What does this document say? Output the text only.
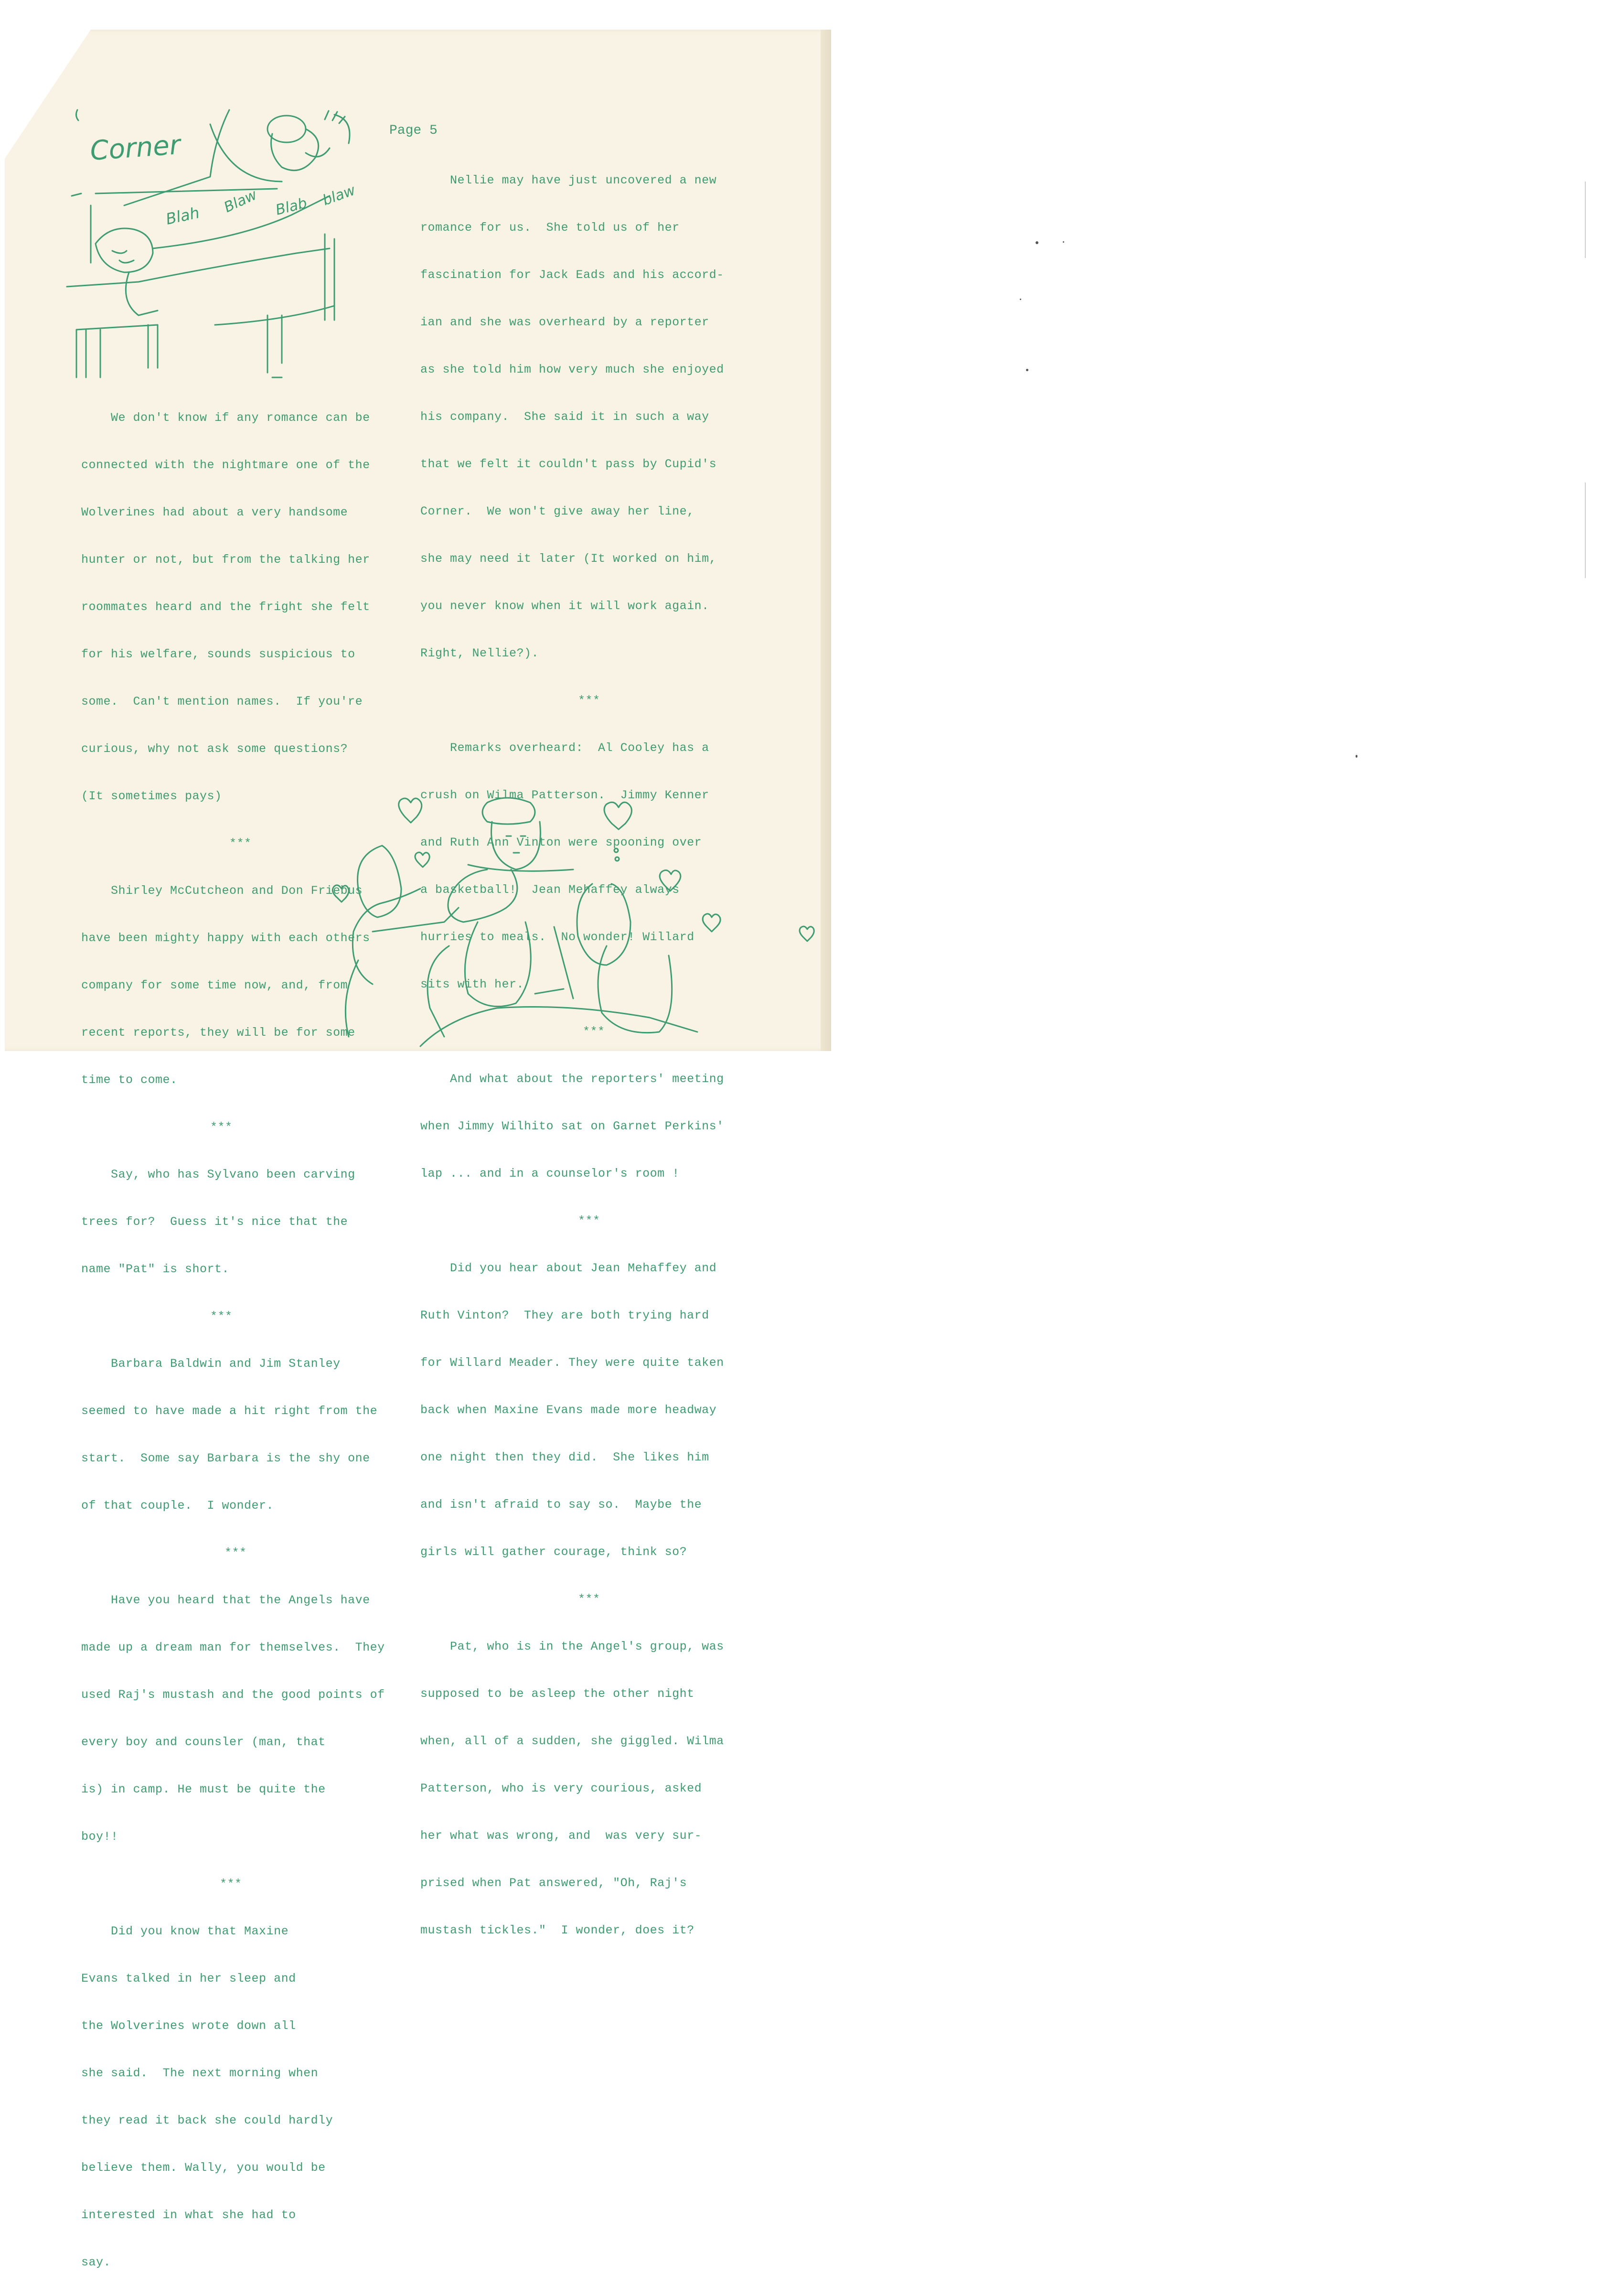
Page 5
Corner
Blah Blaw Blab blaw

We don't know if any romance can be

connected with the nightmare one of the

Wolverines had about a very handsome

hunter or not, but from the talking her

roommates heard and the fright she felt

for his welfare, sounds suspicious to

some.  Can't mention names.  If you're

curious, why not ask some questions?

(It sometimes pays)

***

Shirley McCutcheon and Don Friebus

have been mighty happy with each others

company for some time now, and, from

recent reports, they will be for some

time to come.

***

Say, who has Sylvano been carving

trees for?  Guess it's nice that the

name "Pat" is short.

***

Barbara Baldwin and Jim Stanley

seemed to have made a hit right from the

start.  Some say Barbara is the shy one

of that couple.  I wonder.

***

Have you heard that the Angels have

made up a dream man for themselves.  They

used Raj's mustash and the good points of

every boy and counsler (man, that

is) in camp. He must be quite the

boy!!

***

Did you know that Maxine

Evans talked in her sleep and

the Wolverines wrote down all

she said.  The next morning when

they read it back she could hardly

believe them. Wally, you would be

interested in what she had to

say.

Nellie may have just uncovered a new

romance for us.  She told us of her

fascination for Jack Eads and his accord-

ian and she was overheard by a reporter

as she told him how very much she enjoyed

his company.  She said it in such a way

that we felt it couldn't pass by Cupid's

Corner.  We won't give away her line,

she may need it later (It worked on him,

you never know when it will work again.

Right, Nellie?).

***

Remarks overheard:  Al Cooley has a

crush on Wilma Patterson.  Jimmy Kenner

and Ruth Ann Vinton were spooning over

a basketball!  Jean Mehaffey always

hurries to meals.  No wonder! Willard

sits with her.

***

And what about the reporters' meeting

when Jimmy Wilhito sat on Garnet Perkins'

lap ... and in a counselor's room !

***

Did you hear about Jean Mehaffey and

Ruth Vinton?  They are both trying hard

for Willard Meader. They were quite taken

back when Maxine Evans made more headway

one night then they did.  She likes him

and isn't afraid to say so.  Maybe the

girls will gather courage, think so?

***

Pat, who is in the Angel's group, was

supposed to be asleep the other night

when, all of a sudden, she giggled. Wilma

Patterson, who is very courious, asked

her what was wrong, and  was very sur-

prised when Pat answered, "Oh, Raj's

mustash tickles."  I wonder, does it?
